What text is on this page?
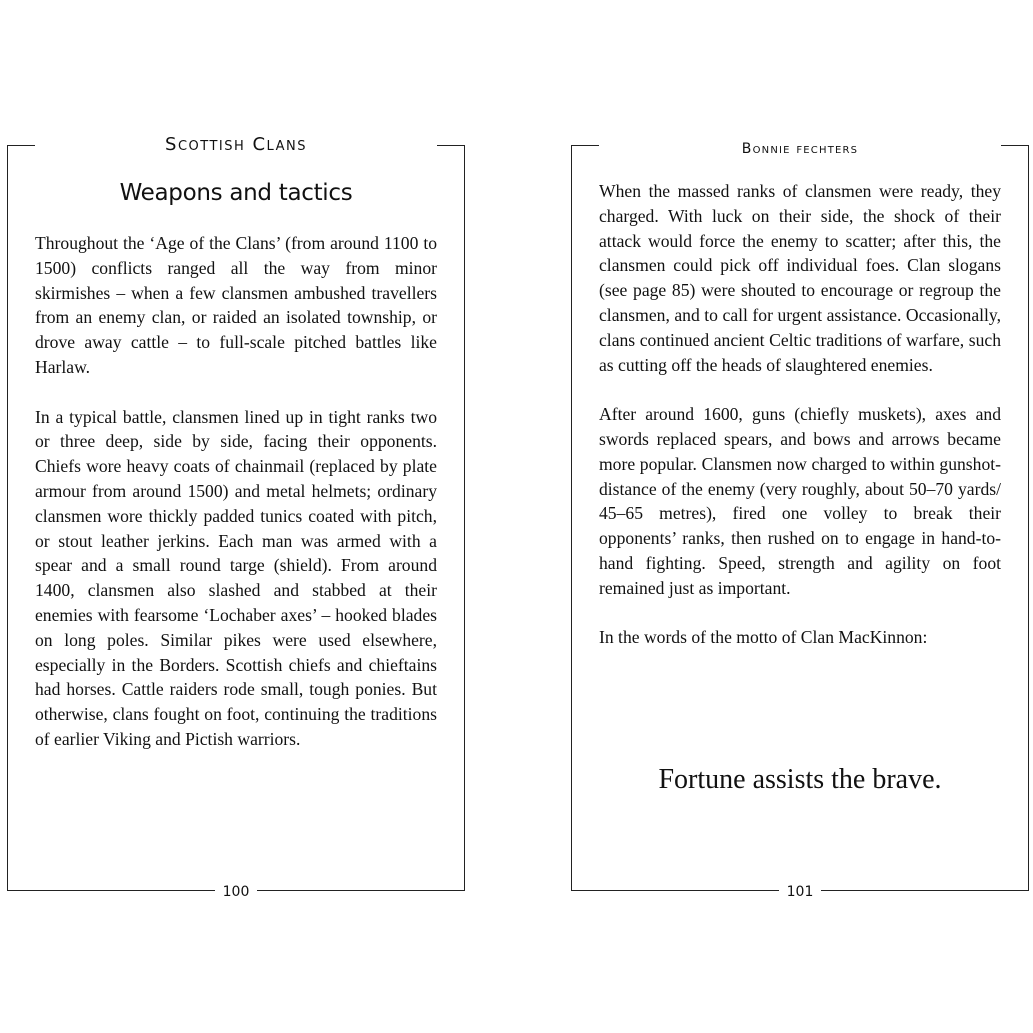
Scottish Clans
Weapons and tactics

Throughout the ‘Age of the Clans’ (from around 1100 to 1500) conflicts ranged all the way from minor skirmishes – when a few clansmen ambushed travellers from an enemy clan, or raided an isolated township, or drove away cattle – to full-scale pitched battles like Harlaw.

In a typical battle, clansmen lined up in tight ranks two or three deep, side by side, facing their opponents. Chiefs wore heavy coats of chainmail (replaced by plate armour from around 1500) and metal helmets; ordinary clansmen wore thickly padded tunics coated with pitch, or stout leather jerkins. Each man was armed with a spear and a small round targe (shield). From around 1400, clansmen also slashed and stabbed at their enemies with fearsome ‘Lochaber axes’ – hooked blades on long poles. Similar pikes were used elsewhere, especially in the Borders. Scottish chiefs and chieftains had horses. Cattle raiders rode small, tough ponies. But otherwise, clans fought on foot, continuing the traditions of earlier Viking and Pictish warriors.

100
Bonnie fechters

When the massed ranks of clansmen were ready, they charged. With luck on their side, the shock of their attack would force the enemy to scatter; after this, the clansmen could pick off individual foes. Clan slogans (see page 85) were shouted to encourage or regroup the clansmen, and to call for urgent assistance. Occasionally, clans continued ancient Celtic traditions of warfare, such as cutting off the heads of slaughtered enemies.

After around 1600, guns (chiefly muskets), axes and swords replaced spears, and bows and arrows became more popular. Clansmen now charged to within gunshot-distance of the enemy (very roughly, about 50–70 yards/ 45–65 metres), fired one volley to break their opponents’ ranks, then rushed on to engage in hand-to-hand fighting. Speed, strength and agility on foot remained just as important.

In the words of the motto of Clan MacKinnon:

Fortune assists the brave.
101
